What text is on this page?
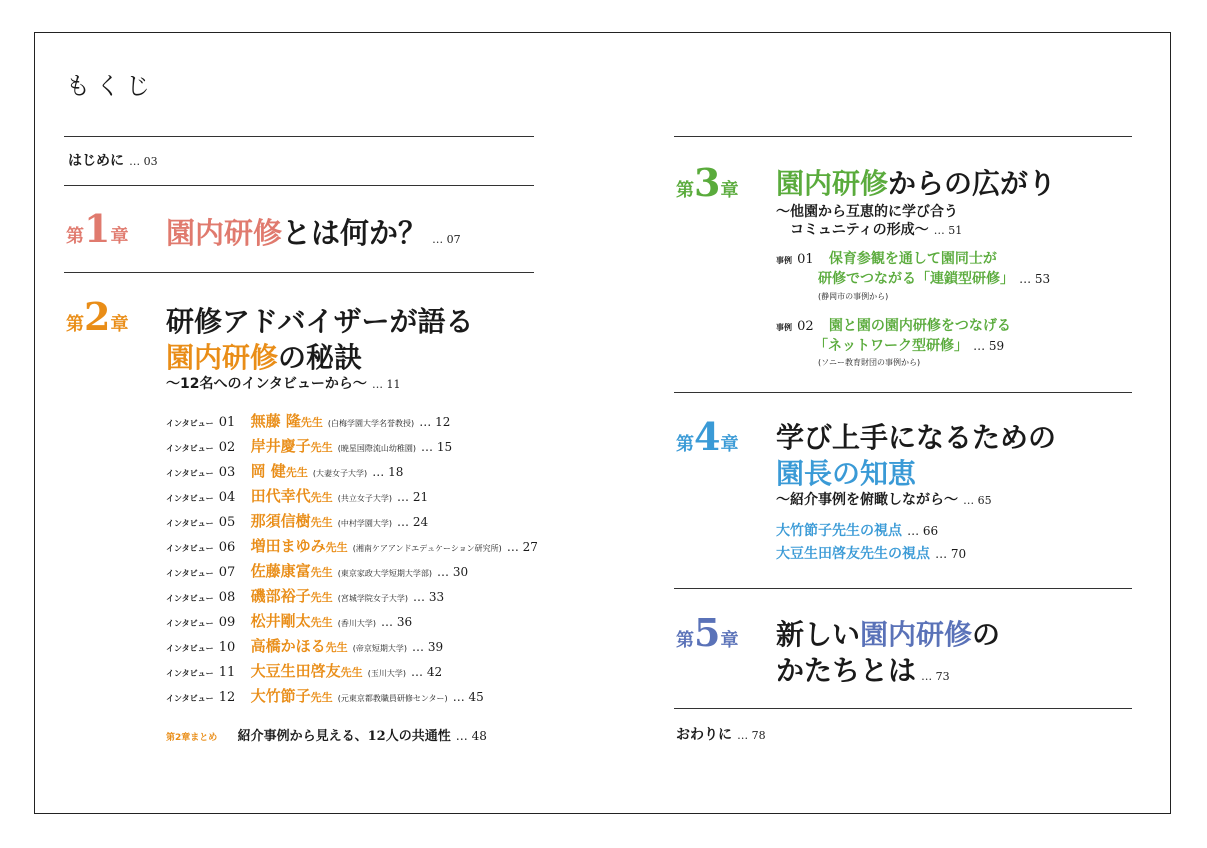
もくじ
はじめに … 03
第1章 園内研修とは何か？ … 07
第2章 研修アドバイザーが語る
園内研修の秘訣
～12名へのインタビューから～ … 11
インタビュー 01 無藤 隆先生 (白梅学園大学名誉教授) … 12
インタビュー 02 岸井慶子先生 (暁星国際流山幼稚園) … 15
インタビュー 03 岡 健先生 (大妻女子大学) … 18
インタビュー 04 田代幸代先生 (共立女子大学) … 21
インタビュー 05 那須信樹先生 (中村学園大学) … 24
インタビュー 06 増田まゆみ先生 (湘南ケアアンドエデュケーション研究所) … 27
インタビュー 07 佐藤康富先生 (東京家政大学短期大学部) … 30
インタビュー 08 磯部裕子先生 (宮城学院女子大学) … 33
インタビュー 09 松井剛太先生 (香川大学) … 36
インタビュー 10 高橋かほる先生 (帝京短期大学) … 39
インタビュー 11 大豆生田啓友先生 (玉川大学) … 42
インタビュー 12 大竹節子先生 (元東京都教職員研修センター) … 45
第2章まとめ 紹介事例から見える、12人の共通性 … 48
第3章 園内研修からの広がり
～他園から互恵的に学び合う
コミュニティの形成～ … 51
事例 01 保育参観を通して園同士が
研修でつながる「連鎖型研修」 … 53
(静岡市の事例から)
事例 02 園と園の園内研修をつなげる
「ネットワーク型研修」 … 59
(ソニー教育財団の事例から)
第4章 学び上手になるための
園長の知恵
～紹介事例を俯瞰しながら～ … 65
大竹節子先生の視点 … 66
大豆生田啓友先生の視点 … 70
第5章 新しい園内研修の
かたちとは … 73
おわりに … 78
